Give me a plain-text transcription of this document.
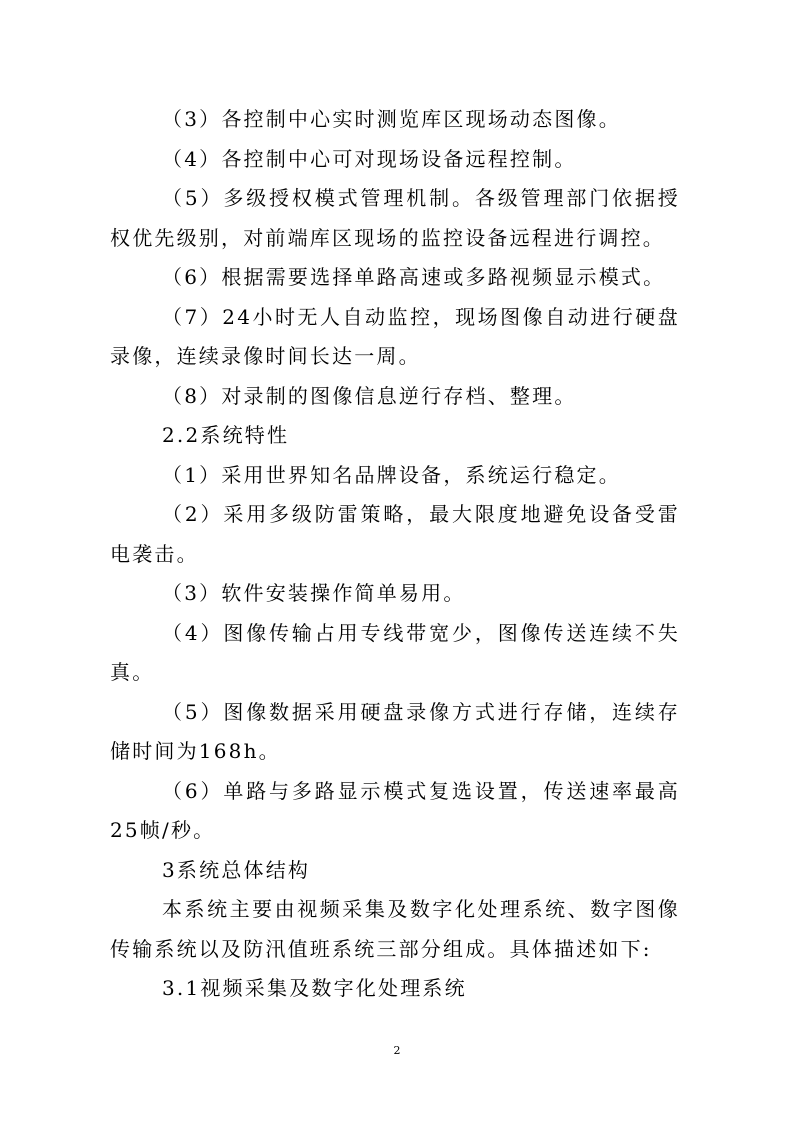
（3）各控制中心实时测览库区现场动态图像。

（4）各控制中心可对现场设备远程控制。

（5）多级授权模式管理机制。各级管理部门依据授权优先级别，对前端库区现场的监控设备远程进行调控。

（6）根据需要选择单路高速或多路视频显示模式。

（7）24小时无人自动监控，现场图像自动进行硬盘录像，连续录像时间长达一周。

（8）对录制的图像信息逆行存档、整理。

2.2系统特性

（1）采用世界知名品牌设备，系统运行稳定。

（2）采用多级防雷策略，最大限度地避免设备受雷电袭击。

（3）软件安装操作简单易用。

（4）图像传输占用专线带宽少，图像传送连续不失真。

（5）图像数据采用硬盘录像方式进行存储，连续存储时间为168h。

（6）单路与多路显示模式复选设置，传送速率最高25帧/秒。

3系统总体结构

本系统主要由视频采集及数字化处理系统、数字图像传输系统以及防汛值班系统三部分组成。具体描述如下:

3.1视频采集及数字化处理系统

2
